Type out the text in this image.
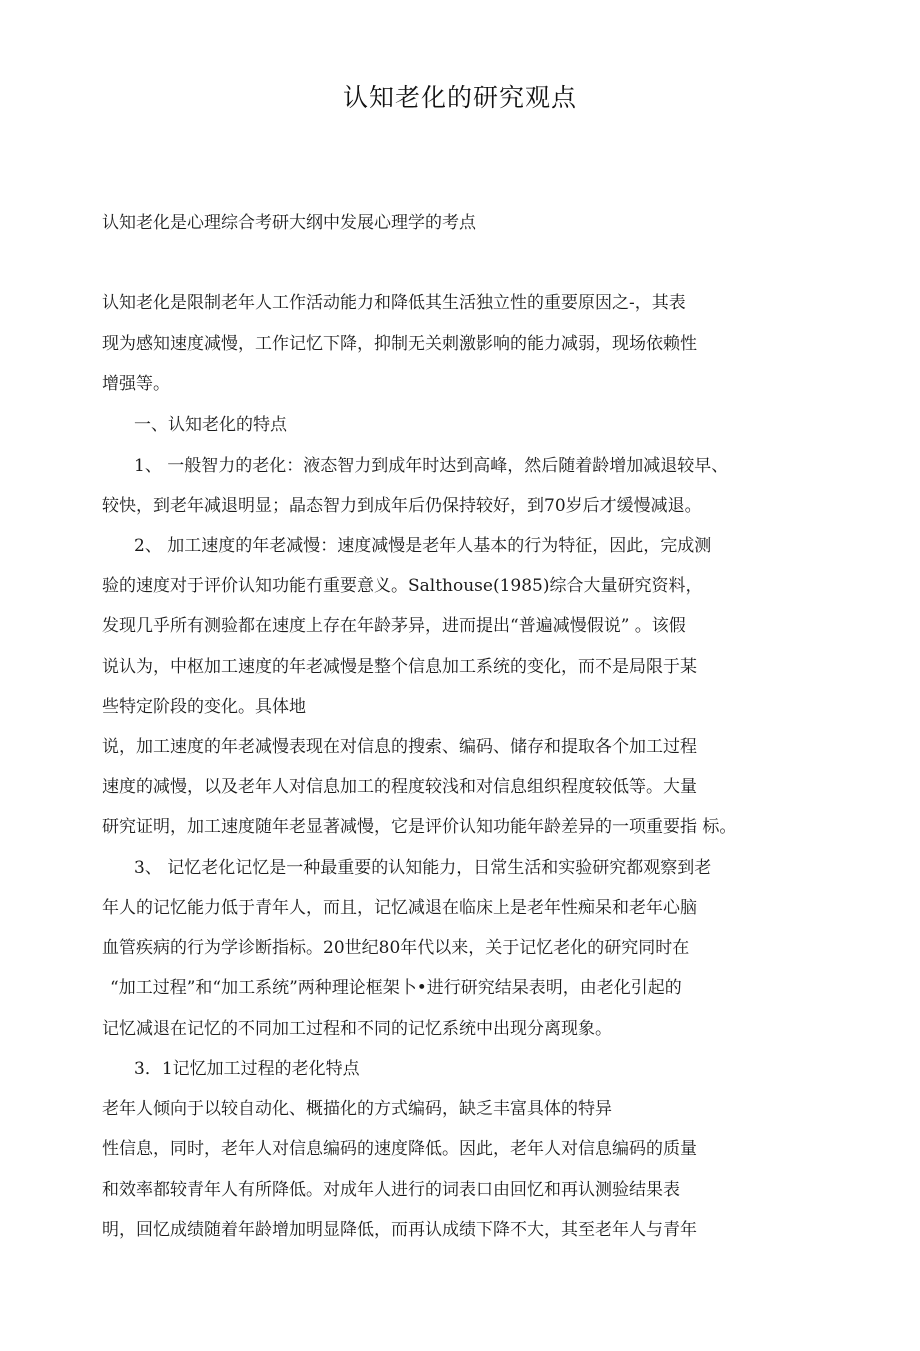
认知老化的研究观点
认知老化是心理综合考研大纲中发展心理学的考点
认知老化是限制老年人工作活动能力和降低其生活独立性的重要原因之-，其表
现为感知速度减慢，工作记忆下降，抑制无关刺激影响的能力减弱，现场依赖性
增强等。
一、认知老化的特点
1、 一般智力的老化：液态智力到成年时达到高峰，然后随着龄增加减退较早、
较快，到老年减退明显；晶态智力到成年后仍保持较好，到70岁后才缓慢减退。
2、 加工速度的年老减慢：速度减慢是老年人基本的行为特征，因此，完成测
验的速度对于评价认知功能冇重要意义。Salthouse(1985)综合大量研究资料，
发现几乎所有测验都在速度上存在年龄茅异，进而提出“普遍减慢假说” 。该假
说认为，中枢加工速度的年老减慢是整个信息加工系统的变化，而不是局限于某
些特定阶段的变化。具体地
说，加工速度的年老减慢表现在对信息的搜索、编码、储存和提取各个加工过程
速度的减慢，以及老年人对信息加工的程度较浅和对信息组织程度较低等。大量
研究证明，加工速度随年老显著减慢，它是评价认知功能年龄差异的一项重要指 标。
3、 记忆老化记忆是一种最重要的认知能力，日常生活和实验研究都观察到老
年人的记忆能力低于青年人，而且，记忆减退在临床上是老年性痴呆和老年心脑
血管疾病的行为学诊断指标。20世纪80年代以来，关于记忆老化的研究同时在
“加工过程”和“加工系统”两种理论框架卜•进行研究结杲表明，由老化引起的
记忆减退在记忆的不同加工过程和不同的记忆系统中出现分离现象。
3．1记忆加工过程的老化特点
老年人倾向于以较自动化、概描化的方式编码，缺乏丰富具体的特异
性信息，同时，老年人对信息编码的速度降低。因此，老年人对信息编码的质量
和效率都较青年人有所降低。对成年人进行的词表口由回忆和再认测验结果表
明，回忆成绩随着年龄增加明显降低，而再认成绩下降不大，其至老年人与青年
